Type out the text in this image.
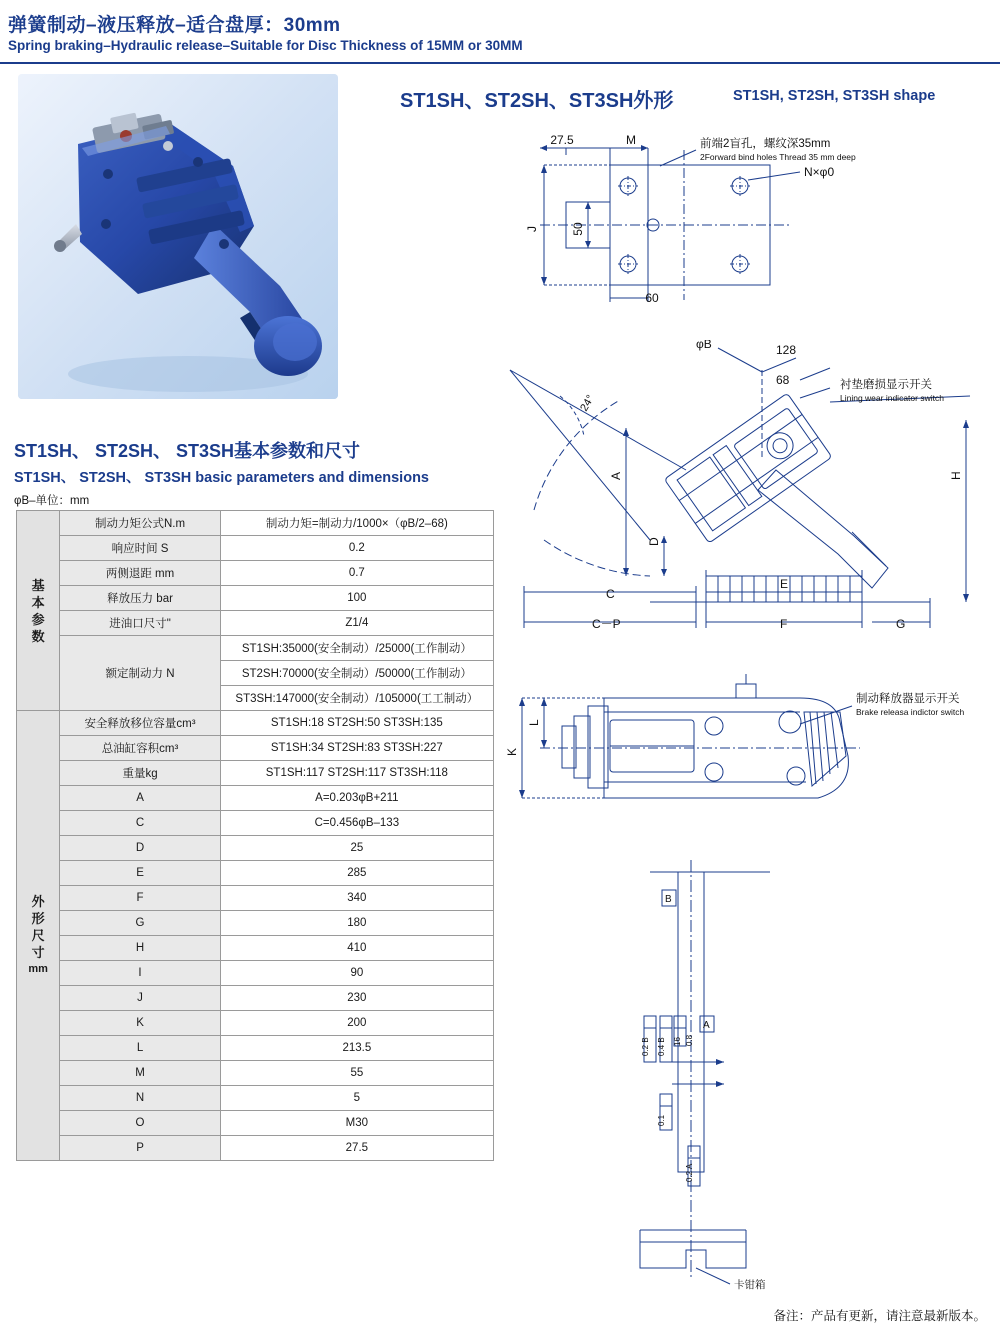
弹簧制动–液压释放–适合盘厚：30mm
Spring braking–Hydraulic release–Suitable for Disc Thickness of 15MM or 30MM
ST1SH、ST2SH、ST3SH外形	ST1SH, ST2SH, ST3SH shape
27.5	M
50
J
60
前端2盲孔，螺纹深35mm
2Forward bind holes Thread 35 mm deep
N×φ0
φB	128
68
24°
A
D
H
C
E
C－P	F	G
衬垫磨损显示开关
Lining wear indicator switch
L
K
制动释放器显示开关
Brake releasa indictor switch
B
A
0.2 B 0.4 B 16 0.8
0.1
0.2 A
卡钳箱
ST1SH、 ST2SH、 ST3SH基本参数和尺寸
ST1SH、 ST2SH、 ST3SH basic parameters and dimensions
φB–单位：mm
基
本
参
数	制动力矩公式N.m	制动力矩=制动力/1000×（φB/2–68)
	响应时间 S	0.2
	两侧退距 mm	0.7
	释放压力 bar	100
	进油口尺寸"	Z1/4
	额定制动力 N	ST1SH:35000(安全制动）/25000(工作制动）
		ST2SH:70000(安全制动）/50000(工作制动）
		ST3SH:147000(安全制动）/105000(工工制动）

外
形
尺
寸
mm	安全释放移位容量cm³	ST1SH:18 ST2SH:50 ST3SH:135
	总油缸容积cm³	ST1SH:34 ST2SH:83 ST3SH:227
	重量kg	ST1SH:117 ST2SH:117 ST3SH:118
	A	A=0.203φB+211
	C	C=0.456φB–133
	D	25
	E	285
	F	340
	G	180
	H	410
	I	90
	J	230
	K	200
	L	213.5
	M	55
	N	5
	O	M30
	P	27.5
备注：产品有更新，请注意最新版本。
